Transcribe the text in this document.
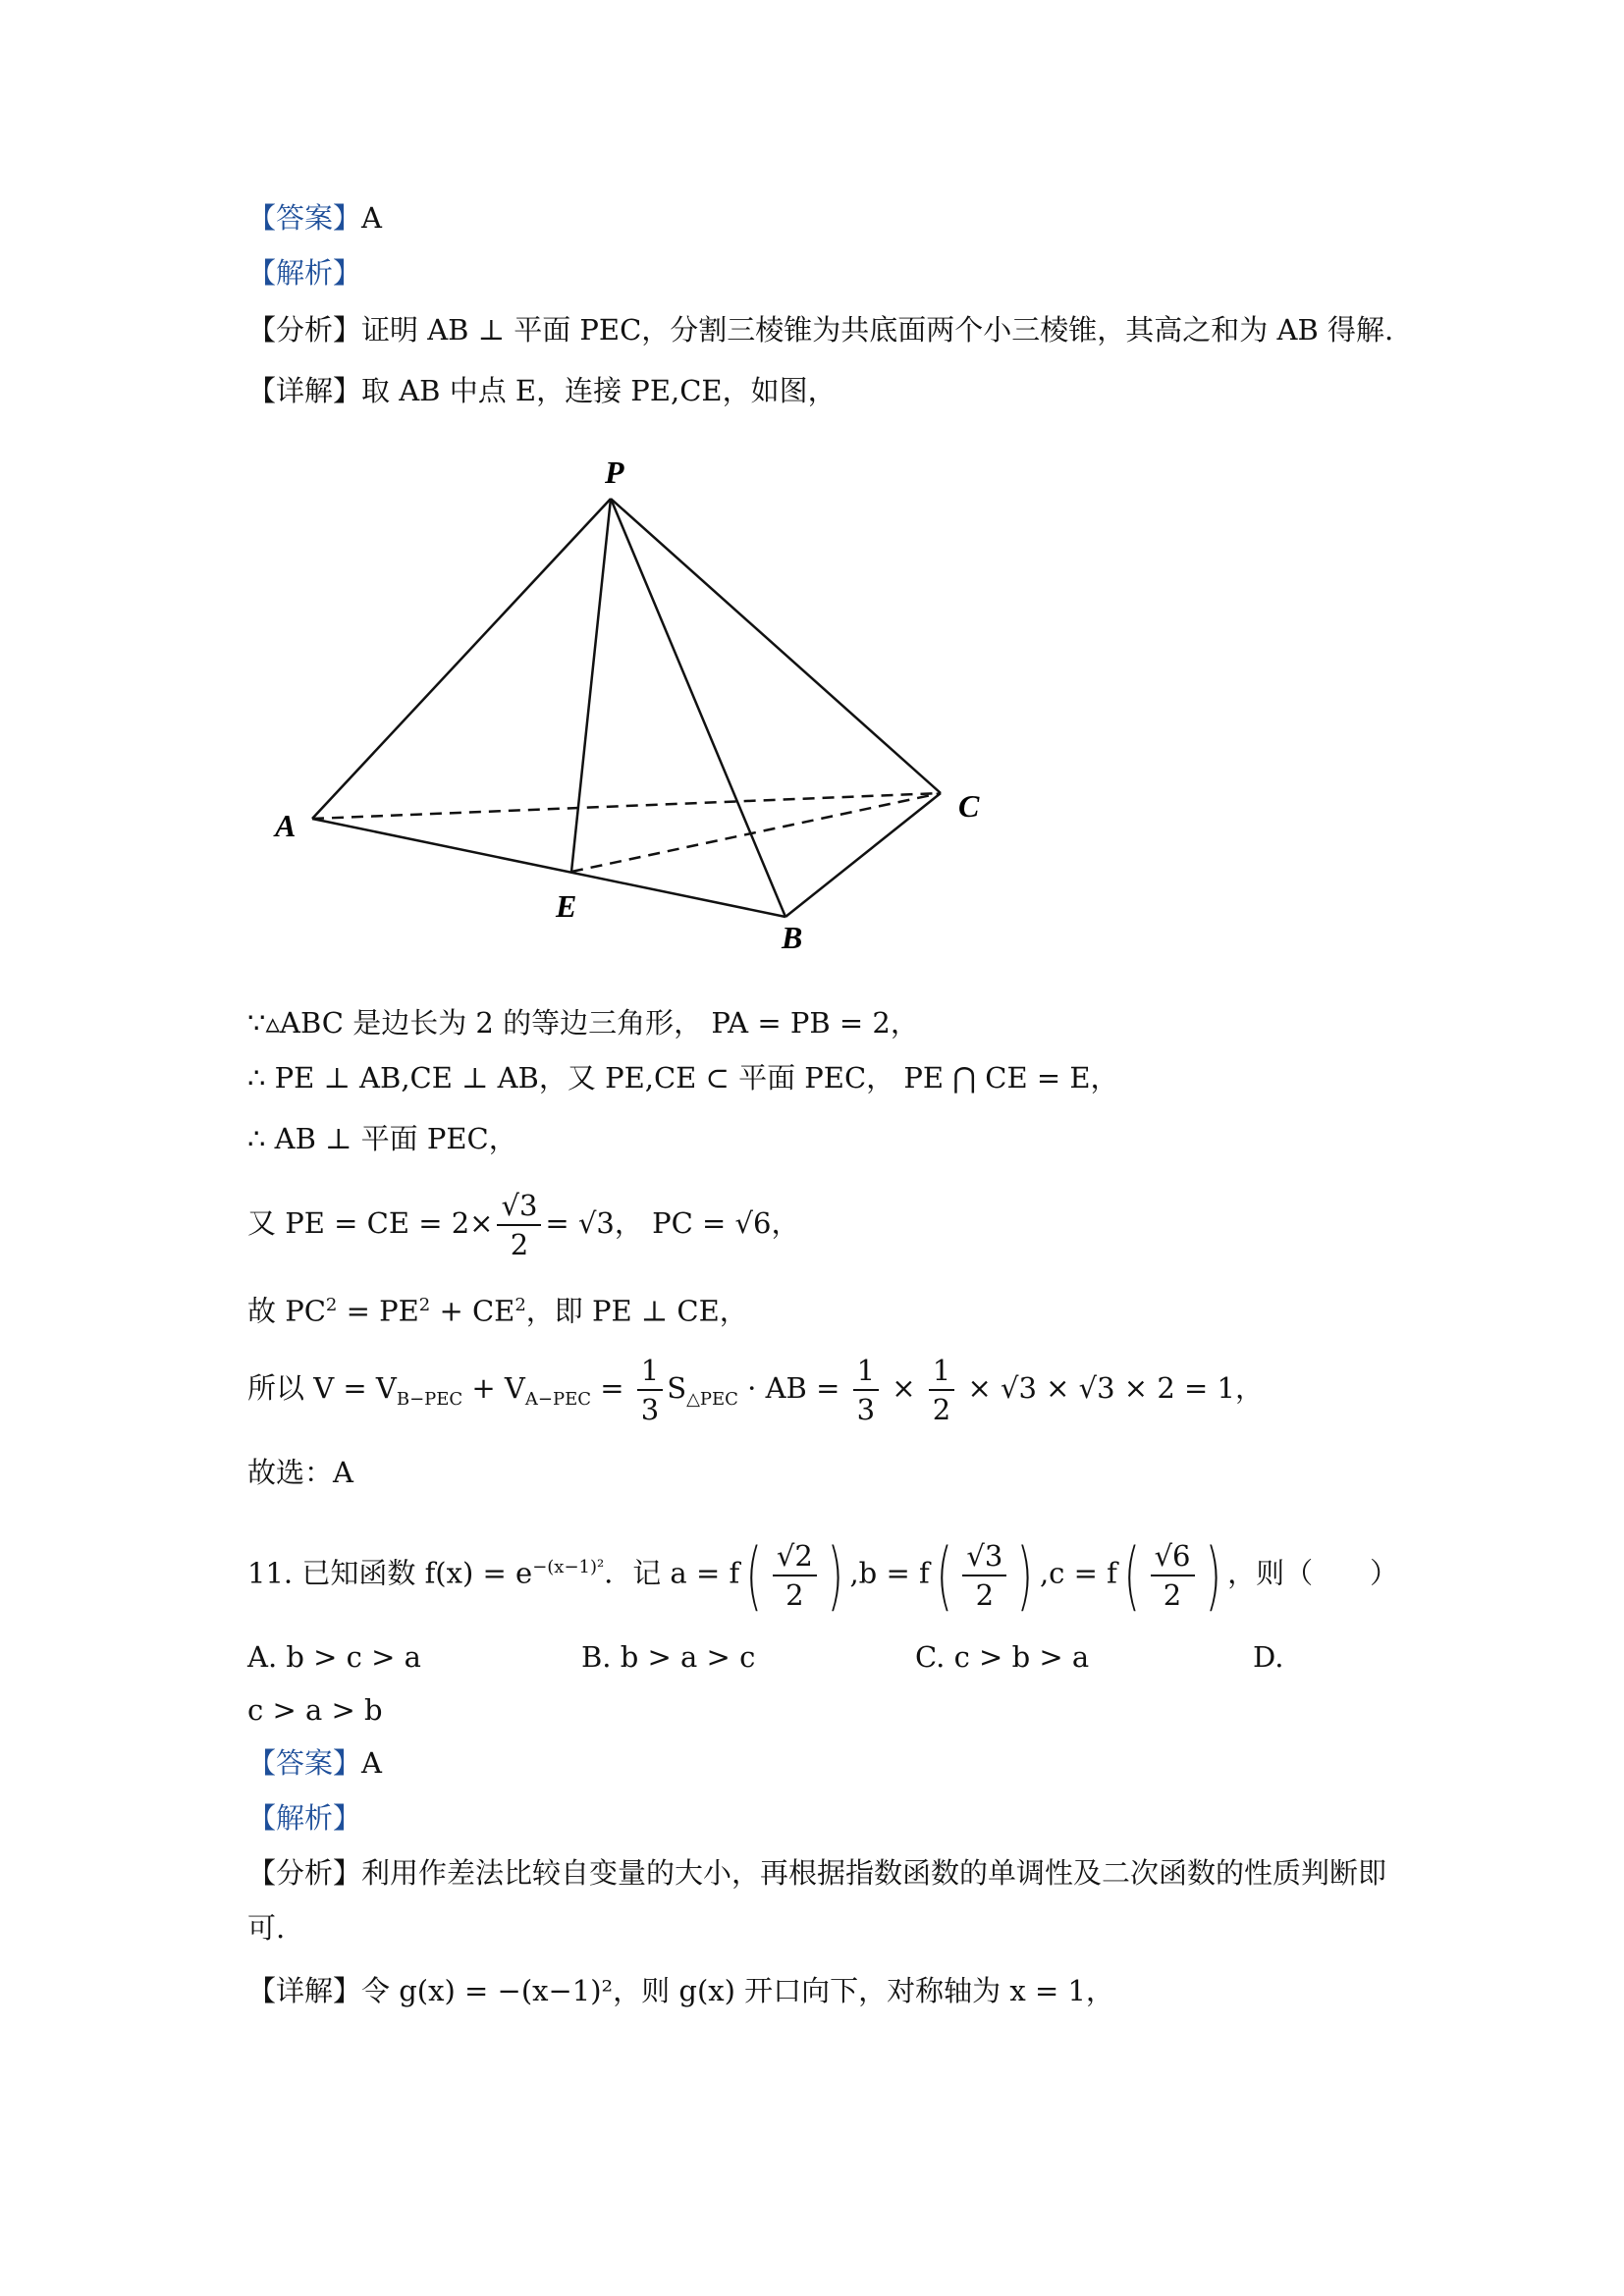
【答案】A
【解析】
【分析】证明 AB ⊥ 平面 PEC，分割三棱锥为共底面两个小三棱锥，其高之和为 AB 得解.
【详解】取 AB 中点 E，连接 PE,CE，如图，
P
A
C
E
B
∵▵ABC 是边长为 2 的等边三角形， PA = PB = 2，
∴ PE ⊥ AB,CE ⊥ AB，又 PE,CE ⊂ 平面 PEC， PE ⋂ CE = E，
∴ AB ⊥ 平面 PEC，
又 PE = CE = $2\times \frac{√3}{2} = √3$， PC = √6，
故 $PC^2 = PE^2 + CE^2$，即 PE ⊥ CE，
所以 $V = V_{B-PEC} + V_{A-PEC} = \frac{1}{3} S_{\triangle PEC}$ · AB = $\frac{1}{3} \times \frac{1}{2} \times √3 \times √3 \times 2 = 1$，
故选：A
11. 已知函数 $f(x) = e^{-(x-1)^2}$．记 $a = f( \frac{√2}{2}$ ) $,b = f( \frac{√3}{2}$ ) $,c = f( \frac{√6}{2}$ ) ，则（　　）
A. b > c > a	B. b > a > c	C. c > b > a	D.
c > a > b
【答案】A
【解析】
【分析】利用作差法比较自变量的大小，再根据指数函数的单调性及二次函数的性质判断即
可.
【详解】令 g(x) = −(x−1)²，则 g(x) 开口向下，对称轴为 x = 1，
